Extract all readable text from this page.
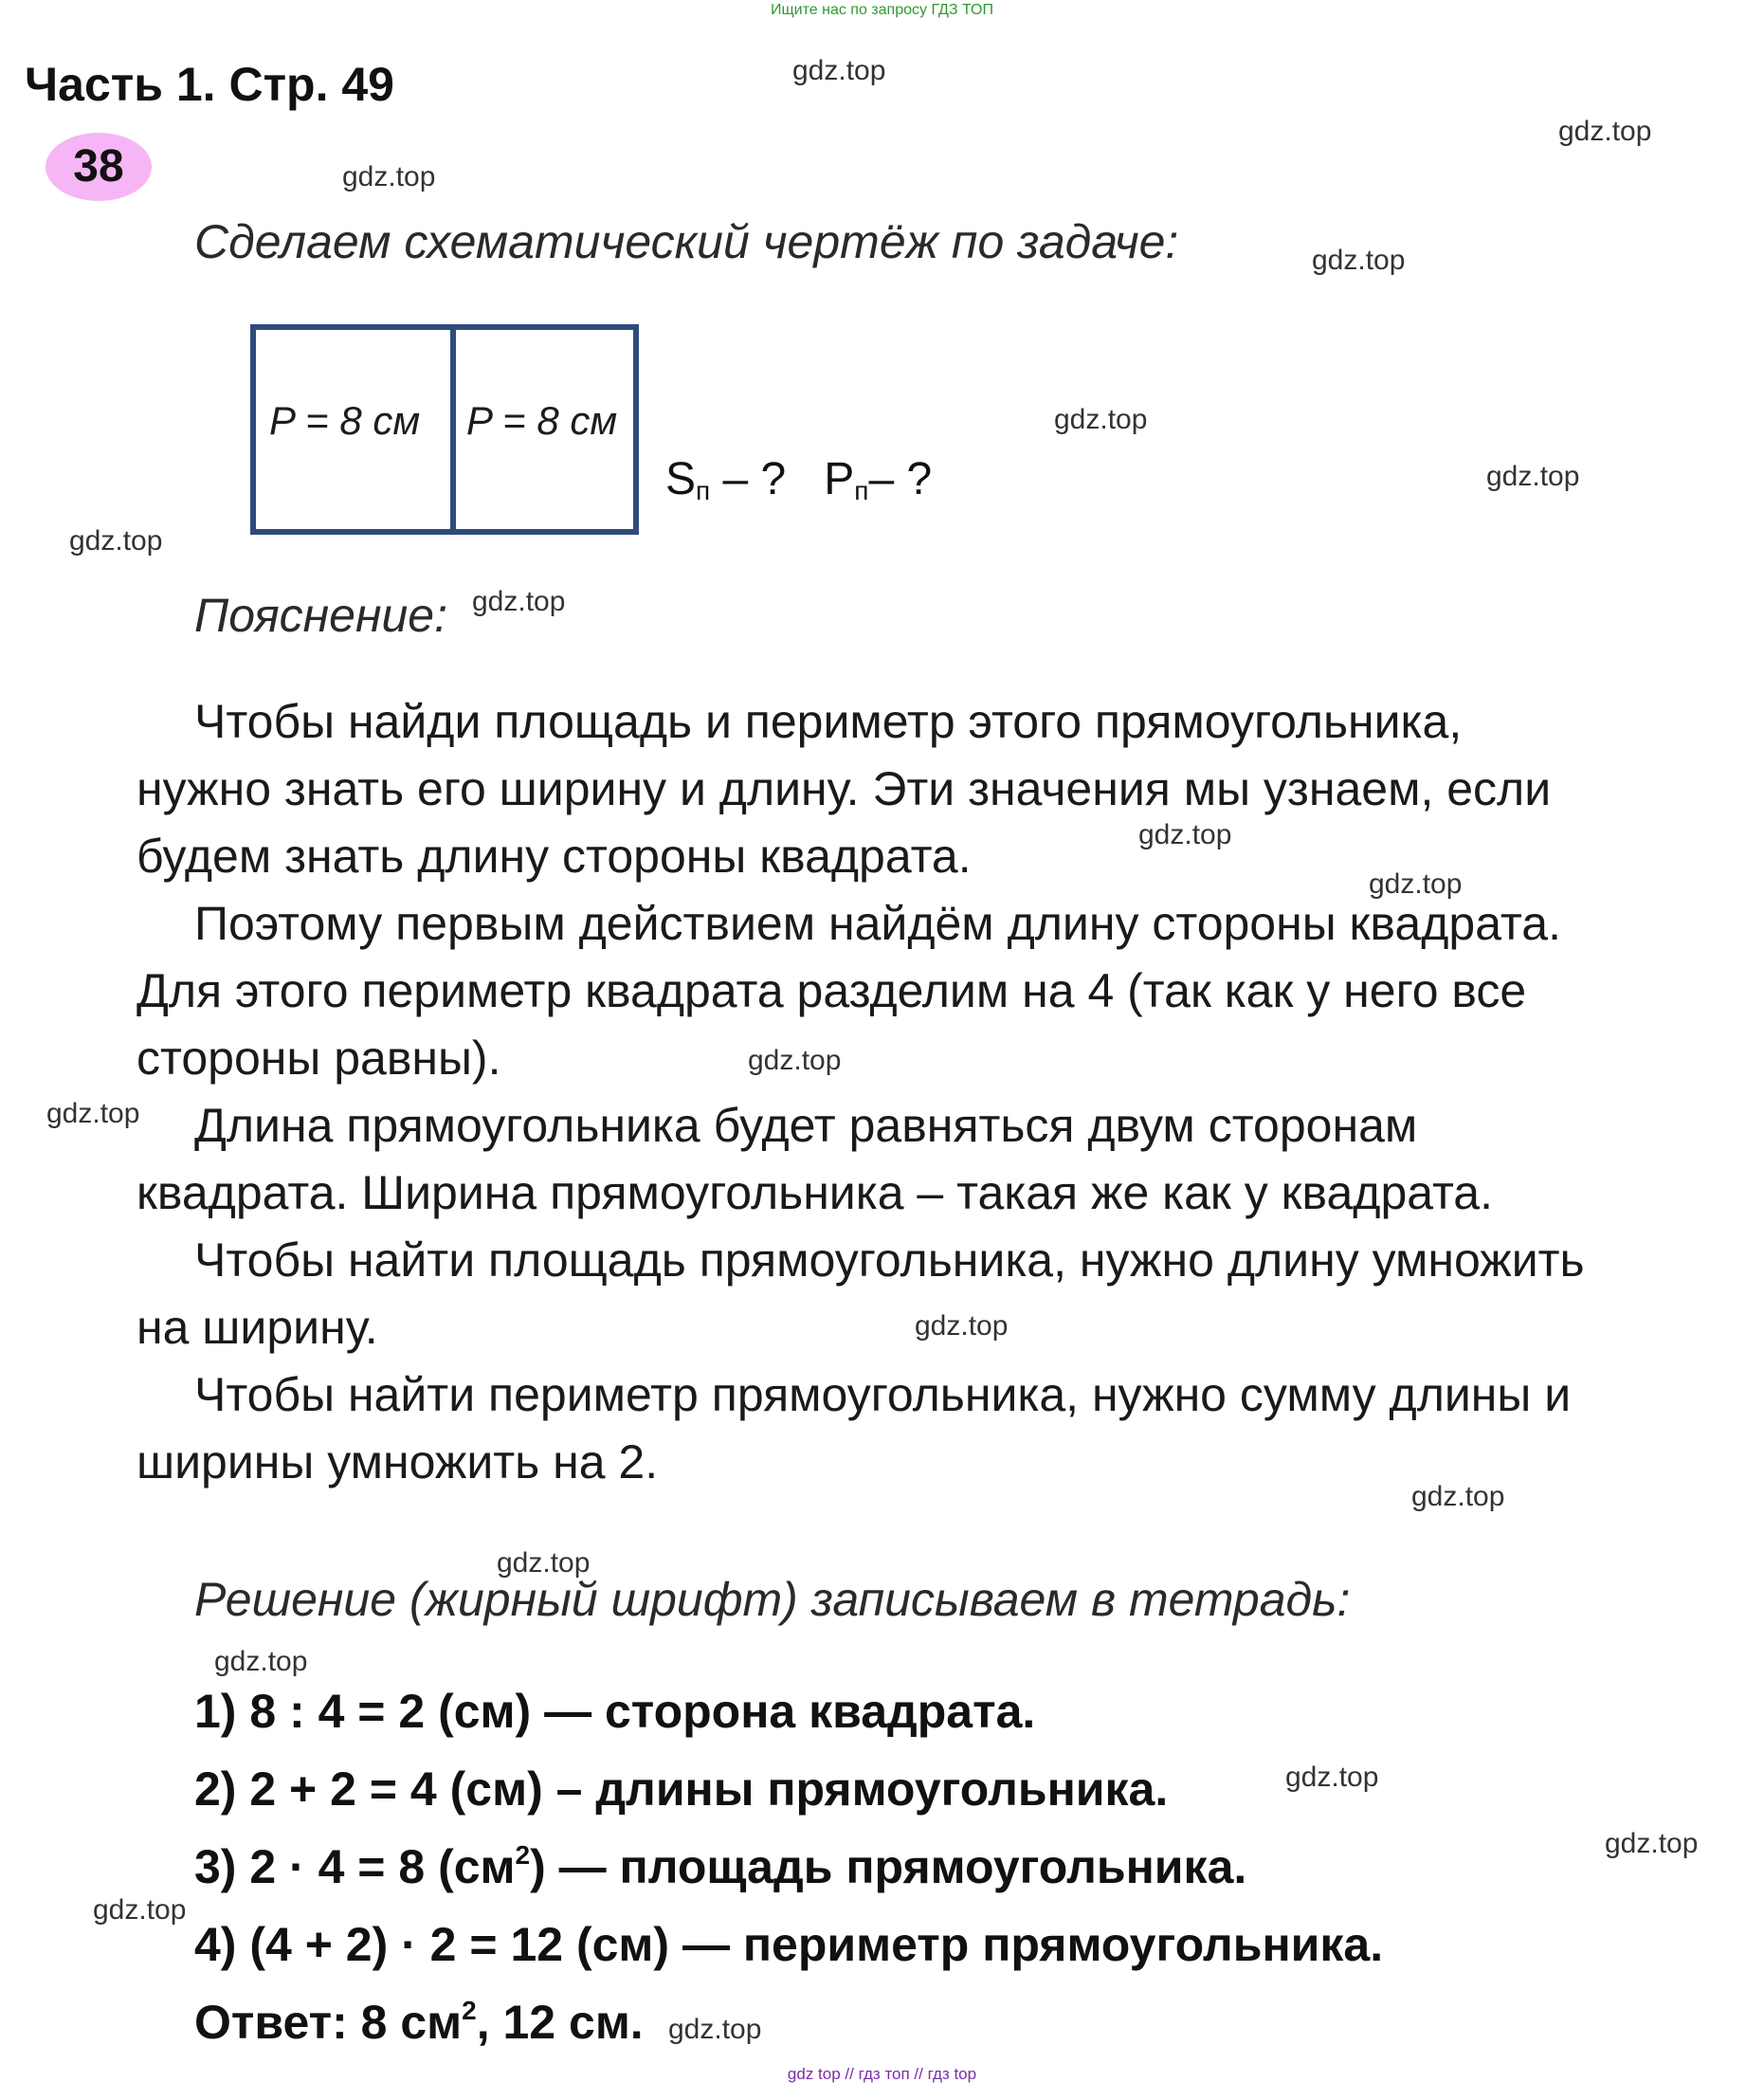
Ищите нас по запросу ГДЗ ТОП
Часть 1. Стр. 49
38
Сделаем схематический чертёж по задаче:
P = 8 см P = 8 см
$S_п$ – ? $P_п-$ ?
Пояснение:
Чтобы найди площадь и периметр этого прямоугольника,
нужно знать его ширину и длину. Эти значения мы узнаем, если
будем знать длину стороны квадрата.
Поэтому первым действием найдём длину стороны квадрата.
Для этого периметр квадрата разделим на 4 (так как у него все
стороны равны).
Длина прямоугольника будет равняться двум сторонам
квадрата. Ширина прямоугольника – такая же как у квадрата.
Чтобы найти площадь прямоугольника, нужно длину умножить
на ширину.
Чтобы найти периметр прямоугольника, нужно сумму длины и
ширины умножить на 2.
Решение (жирный шрифт) записываем в тетрадь:
1) 8 : 4 = 2 (см) — сторона квадрата.
2) 2 + 2 = 4 (см) – длины прямоугольника.
3) 2 · 4 = 8 $(см^2)$ — площадь прямоугольника.
4) (4 + 2) · 2 = 12 (см) — периметр прямоугольника.
Ответ: 8 $см^2$, 12 см.
gdz.top
gdz.top
gdz.top
gdz.top
gdz.top
gdz.top
gdz.top
gdz.top
gdz.top
gdz.top
gdz.top
gdz.top
gdz.top
gdz.top
gdz.top
gdz.top
gdz.top
gdz.top
gdz.top
gdz.top
gdz top // гдз топ // гдз top
